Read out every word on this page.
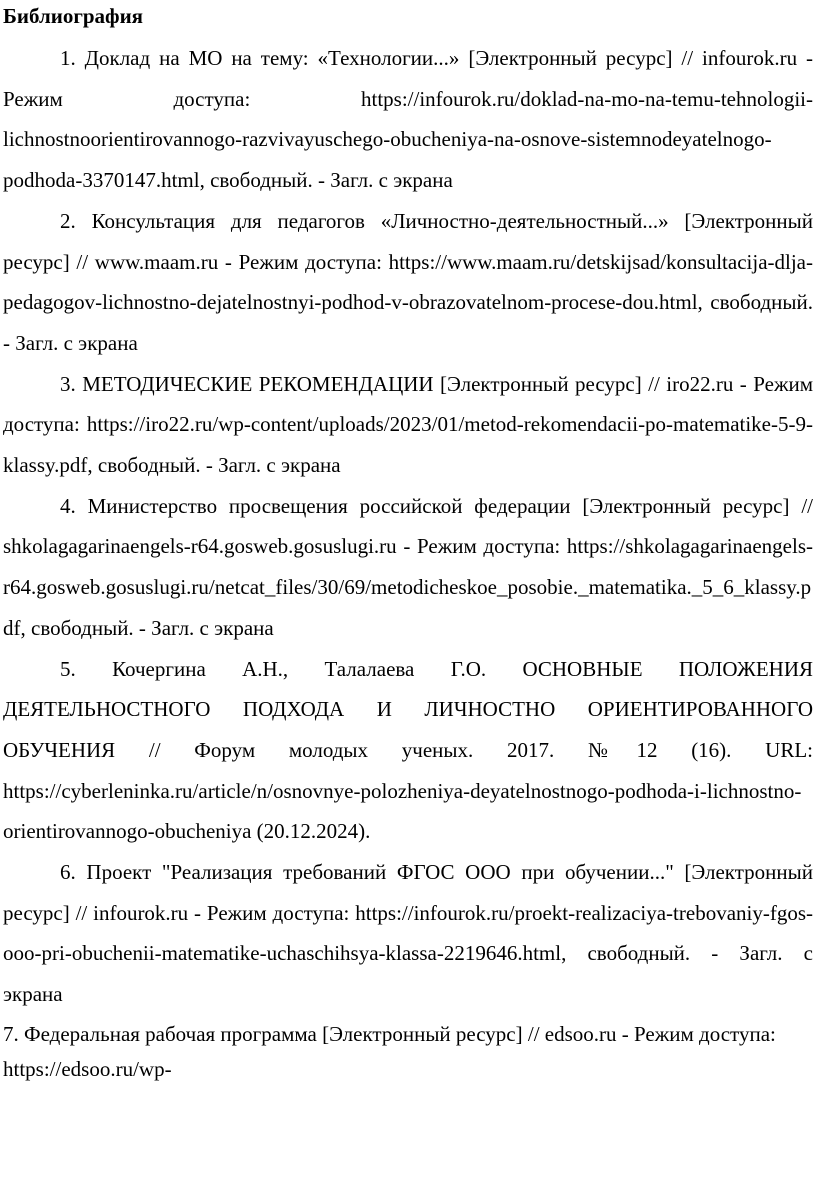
Библиография

1. Доклад на МО на тему: «Технологии...» [Электронный ресурс] // infourok.ru - Режим доступа: https://infourok.ru/doklad-na-mo-na-temu-tehnologii-lichnostnoorientirovannogo-razvivayuschego-obucheniya-na-osnove-sistemnodeyatelnogo-podhoda-3370147.html, свободный. - Загл. с экрана

2. Консультация для педагогов «Личностно-деятельностный...» [Электронный ресурс] // www.maam.ru - Режим доступа: https://www.maam.ru/detskijsad/konsultacija-dlja-pedagogov-lichnostno-dejatelnostnyi-podhod-v-obrazovatelnom-procese-dou.html, свободный. - Загл. с экрана

3. МЕТОДИЧЕСКИЕ РЕКОМЕНДАЦИИ [Электронный ресурс] // iro22.ru - Режим доступа: https://iro22.ru/wp-content/uploads/2023/01/metod-rekomendacii-po-matematike-5-9-klassy.pdf, свободный. - Загл. с экрана

4. Министерство просвещения российской федерации [Электронный ресурс] // shkolagagarinaengels-r64.gosweb.gosuslugi.ru - Режим доступа: https://shkolagagarinaengels-r64.gosweb.gosuslugi.ru/netcat_files/30/69/metodicheskoe_posobie._matematika._5_6_klassy.pdf, свободный. - Загл. с экрана

5. Кочергина А.Н., Талалаева Г.О. ОСНОВНЫЕ ПОЛОЖЕНИЯ ДЕЯТЕЛЬНОСТНОГО ПОДХОДА И ЛИЧНОСТНО ОРИЕНТИРОВАННОГО ОБУЧЕНИЯ // Форум молодых ученых. 2017. №12 (16). URL: https://cyberleninka.ru/article/n/osnovnye-polozheniya-deyatelnostnogo-podhoda-i-lichnostno-orientirovannogo-obucheniya (20.12.2024).

6. Проект "Реализация требований ФГОС ООО при обучении..." [Электронный ресурс] // infourok.ru - Режим доступа: https://infourok.ru/proekt-realizaciya-trebovaniy-fgos-ooo-pri-obuchenii-matematike-uchaschihsya-klassa-2219646.html, свободный. - Загл. с экрана

7. Федеральная рабочая программа [Электронный ресурс] // edsoo.ru - Режим доступа: https://edsoo.ru/wp-
